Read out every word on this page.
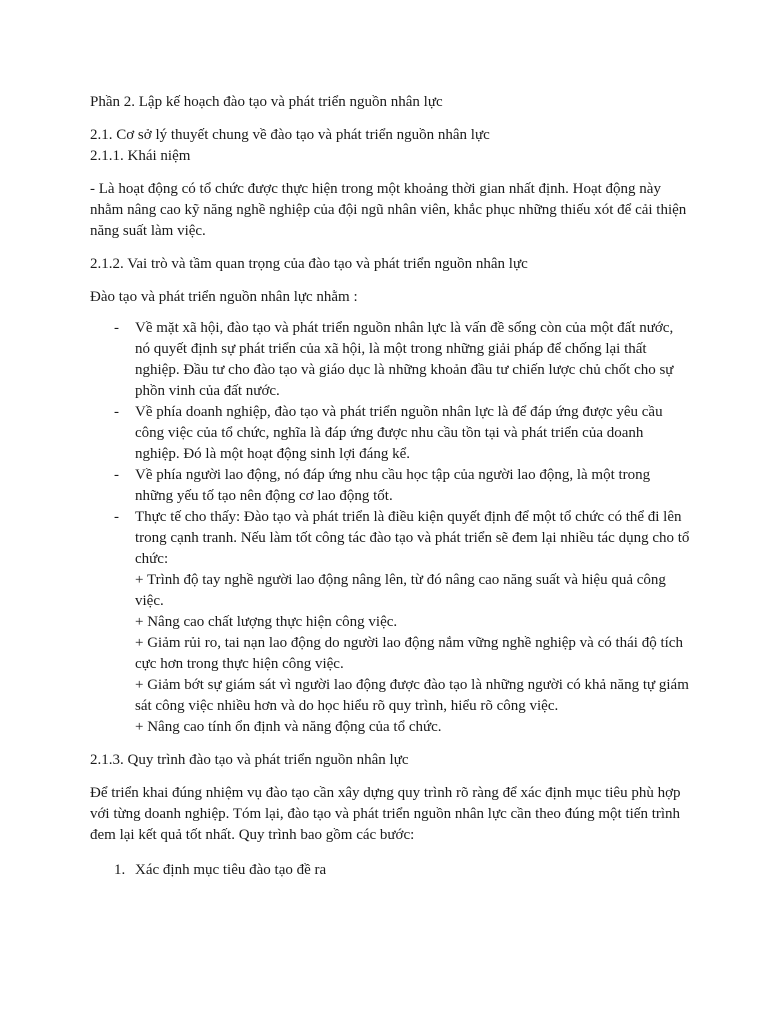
Phần 2. Lập kế hoạch đào tạo và phát triển nguồn nhân lực

2.1. Cơ sở lý thuyết chung về đào tạo và phát triển nguồn nhân lực

2.1.1. Khái niệm

- Là hoạt động có tổ chức được thực hiện trong một khoảng thời gian nhất định. Hoạt động này nhằm nâng cao kỹ năng nghề nghiệp của đội ngũ nhân viên, khắc phục những thiếu xót để cải thiện năng suất làm việc.

2.1.2. Vai trò và tầm quan trọng của đào tạo và phát triển nguồn nhân lực

Đào tạo và phát triển nguồn nhân lực nhằm :

- Về mặt xã hội, đào tạo và phát triển nguồn nhân lực là vấn đề sống còn của một đất nước, nó quyết định sự phát triển của xã hội, là một trong những giải pháp để chống lại thất nghiệp. Đầu tư cho đào tạo và giáo dục là những khoản đầu tư chiến lược chủ chốt cho sự phồn vinh của đất nước.
- Về phía doanh nghiệp, đào tạo và phát triển nguồn nhân lực là để đáp ứng được yêu cầu công việc của tổ chức, nghĩa là đáp ứng được nhu cầu tồn tại và phát triển của doanh nghiệp. Đó là một hoạt động sinh lợi đáng kể.
- Về phía người lao động, nó đáp ứng nhu cầu học tập của người lao động, là một trong những yếu tố tạo nên động cơ lao động tốt.
- Thực tế cho thấy: Đào tạo và phát triển là điều kiện quyết định để một tổ chức có thể đi lên trong cạnh tranh. Nếu làm tốt công tác đào tạo và phát triển sẽ đem lại nhiều tác dụng cho tổ chức:
+ Trình độ tay nghề người lao động nâng lên, từ đó nâng cao năng suất và hiệu quả công việc.
+ Nâng cao chất lượng thực hiện công việc.
+ Giảm rủi ro, tai nạn lao động do người lao động nắm vững nghề nghiệp và có thái độ tích cực hơn trong thực hiện công việc.
+ Giảm bớt sự giám sát vì người lao động được đào tạo là những người có khả năng tự giám sát công việc nhiều hơn và do học hiểu rõ quy trình, hiểu rõ công việc.
+ Nâng cao tính ổn định và năng động của tổ chức.

2.1.3. Quy trình đào tạo và phát triển nguồn nhân lực

Để triển khai đúng nhiệm vụ đào tạo cần xây dựng quy trình rõ ràng để xác định mục tiêu phù hợp với từng doanh nghiệp. Tóm lại, đào tạo và phát triển nguồn nhân lực cần theo đúng một tiến trình đem lại kết quả tốt nhất. Quy trình bao gồm các bước:

1. Xác định mục tiêu đào tạo đề ra
